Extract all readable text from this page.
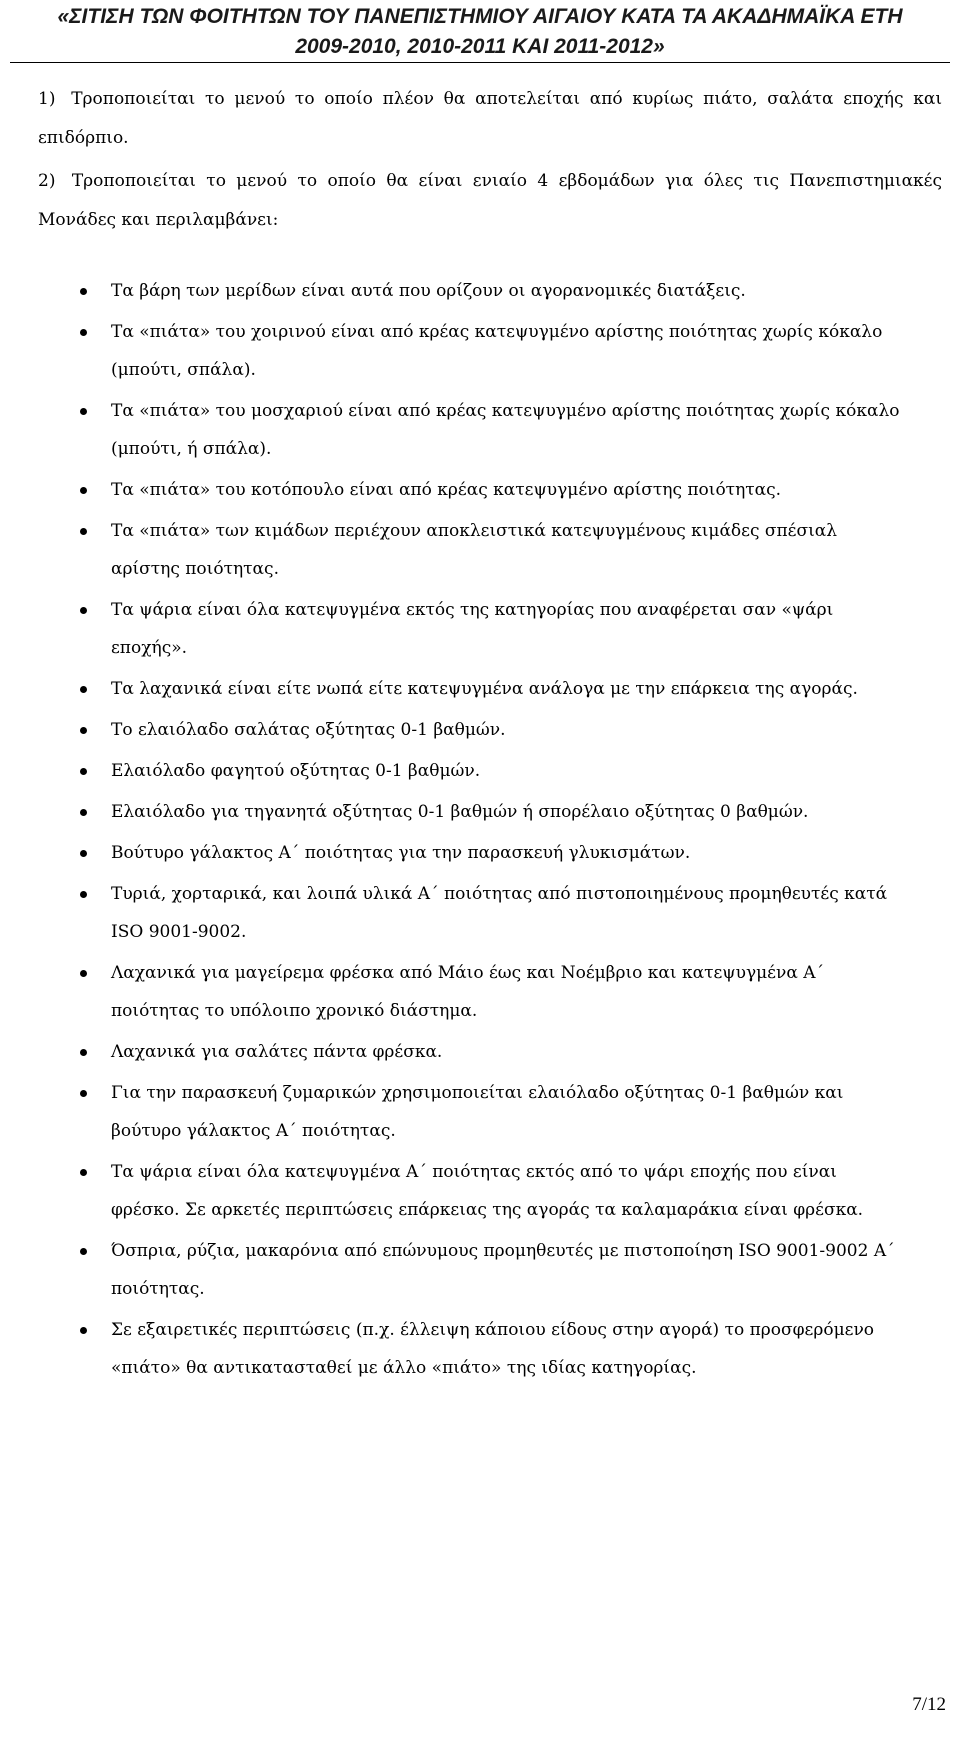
«ΣΙΤΙΣΗ ΤΩΝ ΦΟΙΤΗΤΩΝ ΤΟΥ ΠΑΝΕΠΙΣΤΗΜΙΟΥ ΑΙΓΑΙΟΥ ΚΑΤΑ ΤΑ ΑΚΑΔΗΜΑΪΚΑ ΕΤΗ
2009-2010, 2010-2011 ΚΑΙ 2011-2012»
1) Τροποποιείται το μενού το οποίο πλέον θα αποτελείται από κυρίως πιάτο, σαλάτα εποχής και επιδόρπιο.
2) Τροποποιείται το μενού το οποίο θα είναι ενιαίο 4 εβδομάδων για όλες τις Πανεπιστημιακές Μονάδες και περιλαμβάνει:
Τα βάρη των μερίδων είναι αυτά που ορίζουν οι αγορανομικές διατάξεις.
Τα «πιάτα» του χοιρινού είναι από κρέας κατεψυγμένο αρίστης ποιότητας χωρίς κόκαλο (μπούτι, σπάλα).
Τα «πιάτα» του μοσχαριού είναι από κρέας κατεψυγμένο αρίστης ποιότητας χωρίς κόκαλο (μπούτι, ή σπάλα).
Τα «πιάτα» του κοτόπουλο είναι από κρέας κατεψυγμένο αρίστης ποιότητας.
Τα «πιάτα» των κιμάδων περιέχουν αποκλειστικά κατεψυγμένους κιμάδες σπέσιαλ αρίστης ποιότητας.
Τα ψάρια είναι όλα κατεψυγμένα εκτός της κατηγορίας που αναφέρεται σαν «ψάρι εποχής».
Τα λαχανικά είναι είτε νωπά είτε κατεψυγμένα ανάλογα με την επάρκεια της αγοράς.
Το ελαιόλαδο σαλάτας οξύτητας 0-1 βαθμών.
Ελαιόλαδο φαγητού οξύτητας 0-1 βαθμών.
Ελαιόλαδο για τηγανητά οξύτητας 0-1 βαθμών ή σπορέλαιο οξύτητας 0 βαθμών.
Βούτυρο γάλακτος Α΄ ποιότητας για την παρασκευή γλυκισμάτων.
Τυριά, χορταρικά, και λοιπά υλικά Α΄ ποιότητας από πιστοποιημένους προμηθευτές κατά ISO 9001-9002.
Λαχανικά για μαγείρεμα φρέσκα από Μάιο έως και Νοέμβριο και κατεψυγμένα Α΄ ποιότητας το υπόλοιπο χρονικό διάστημα.
Λαχανικά για σαλάτες πάντα φρέσκα.
Για την παρασκευή ζυμαρικών χρησιμοποιείται ελαιόλαδο οξύτητας 0-1 βαθμών και βούτυρο γάλακτος Α΄ ποιότητας.
Τα ψάρια είναι όλα κατεψυγμένα Α΄ ποιότητας εκτός από το ψάρι εποχής που είναι φρέσκο. Σε αρκετές περιπτώσεις επάρκειας της αγοράς τα καλαμαράκια είναι φρέσκα.
Όσπρια, ρύζια, μακαρόνια από επώνυμους προμηθευτές με πιστοποίηση ISO 9001-9002 Α΄ ποιότητας.
Σε εξαιρετικές περιπτώσεις (π.χ. έλλειψη κάποιου είδους στην αγορά) το προσφερόμενο «πιάτο» θα αντικατασταθεί με άλλο «πιάτο» της ιδίας κατηγορίας.
7/12
